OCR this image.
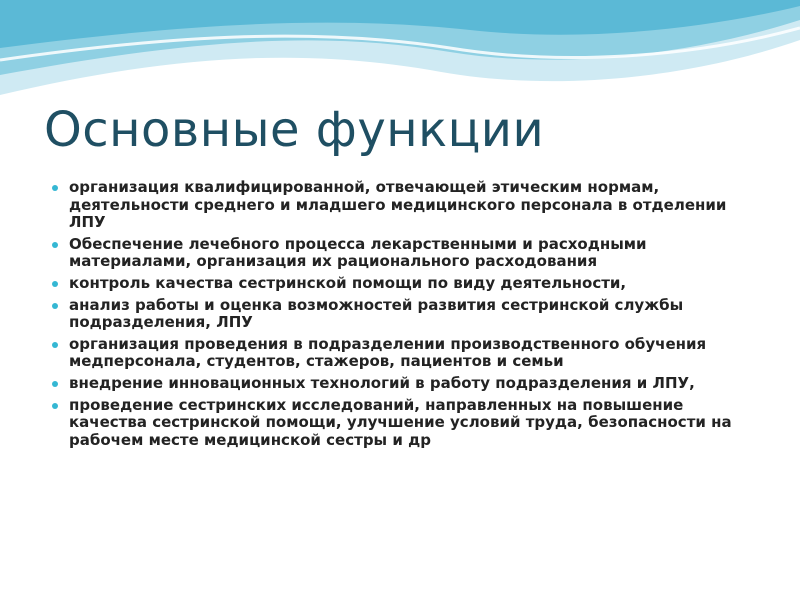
Основные функции
организация квалифицированной, отвечающей этическим нормам, деятельности среднего и младшего медицинского персонала в отделении ЛПУ
Обеспечение лечебного процесса лекарственными и расходными материалами, организация их рационального расходования
контроль качества сестринской помощи по виду деятельности,
анализ работы и оценка возможностей развития сестринской службы подразделения, ЛПУ
организация проведения в подразделении производственного обучения медперсонала, студентов, стажеров, пациентов и семьи
внедрение инновационных технологий в работу подразделения и ЛПУ,
проведение сестринских исследований, направленных на повышение качества сестринской помощи, улучшение условий труда, безопасности на рабочем месте медицинской сестры и др
